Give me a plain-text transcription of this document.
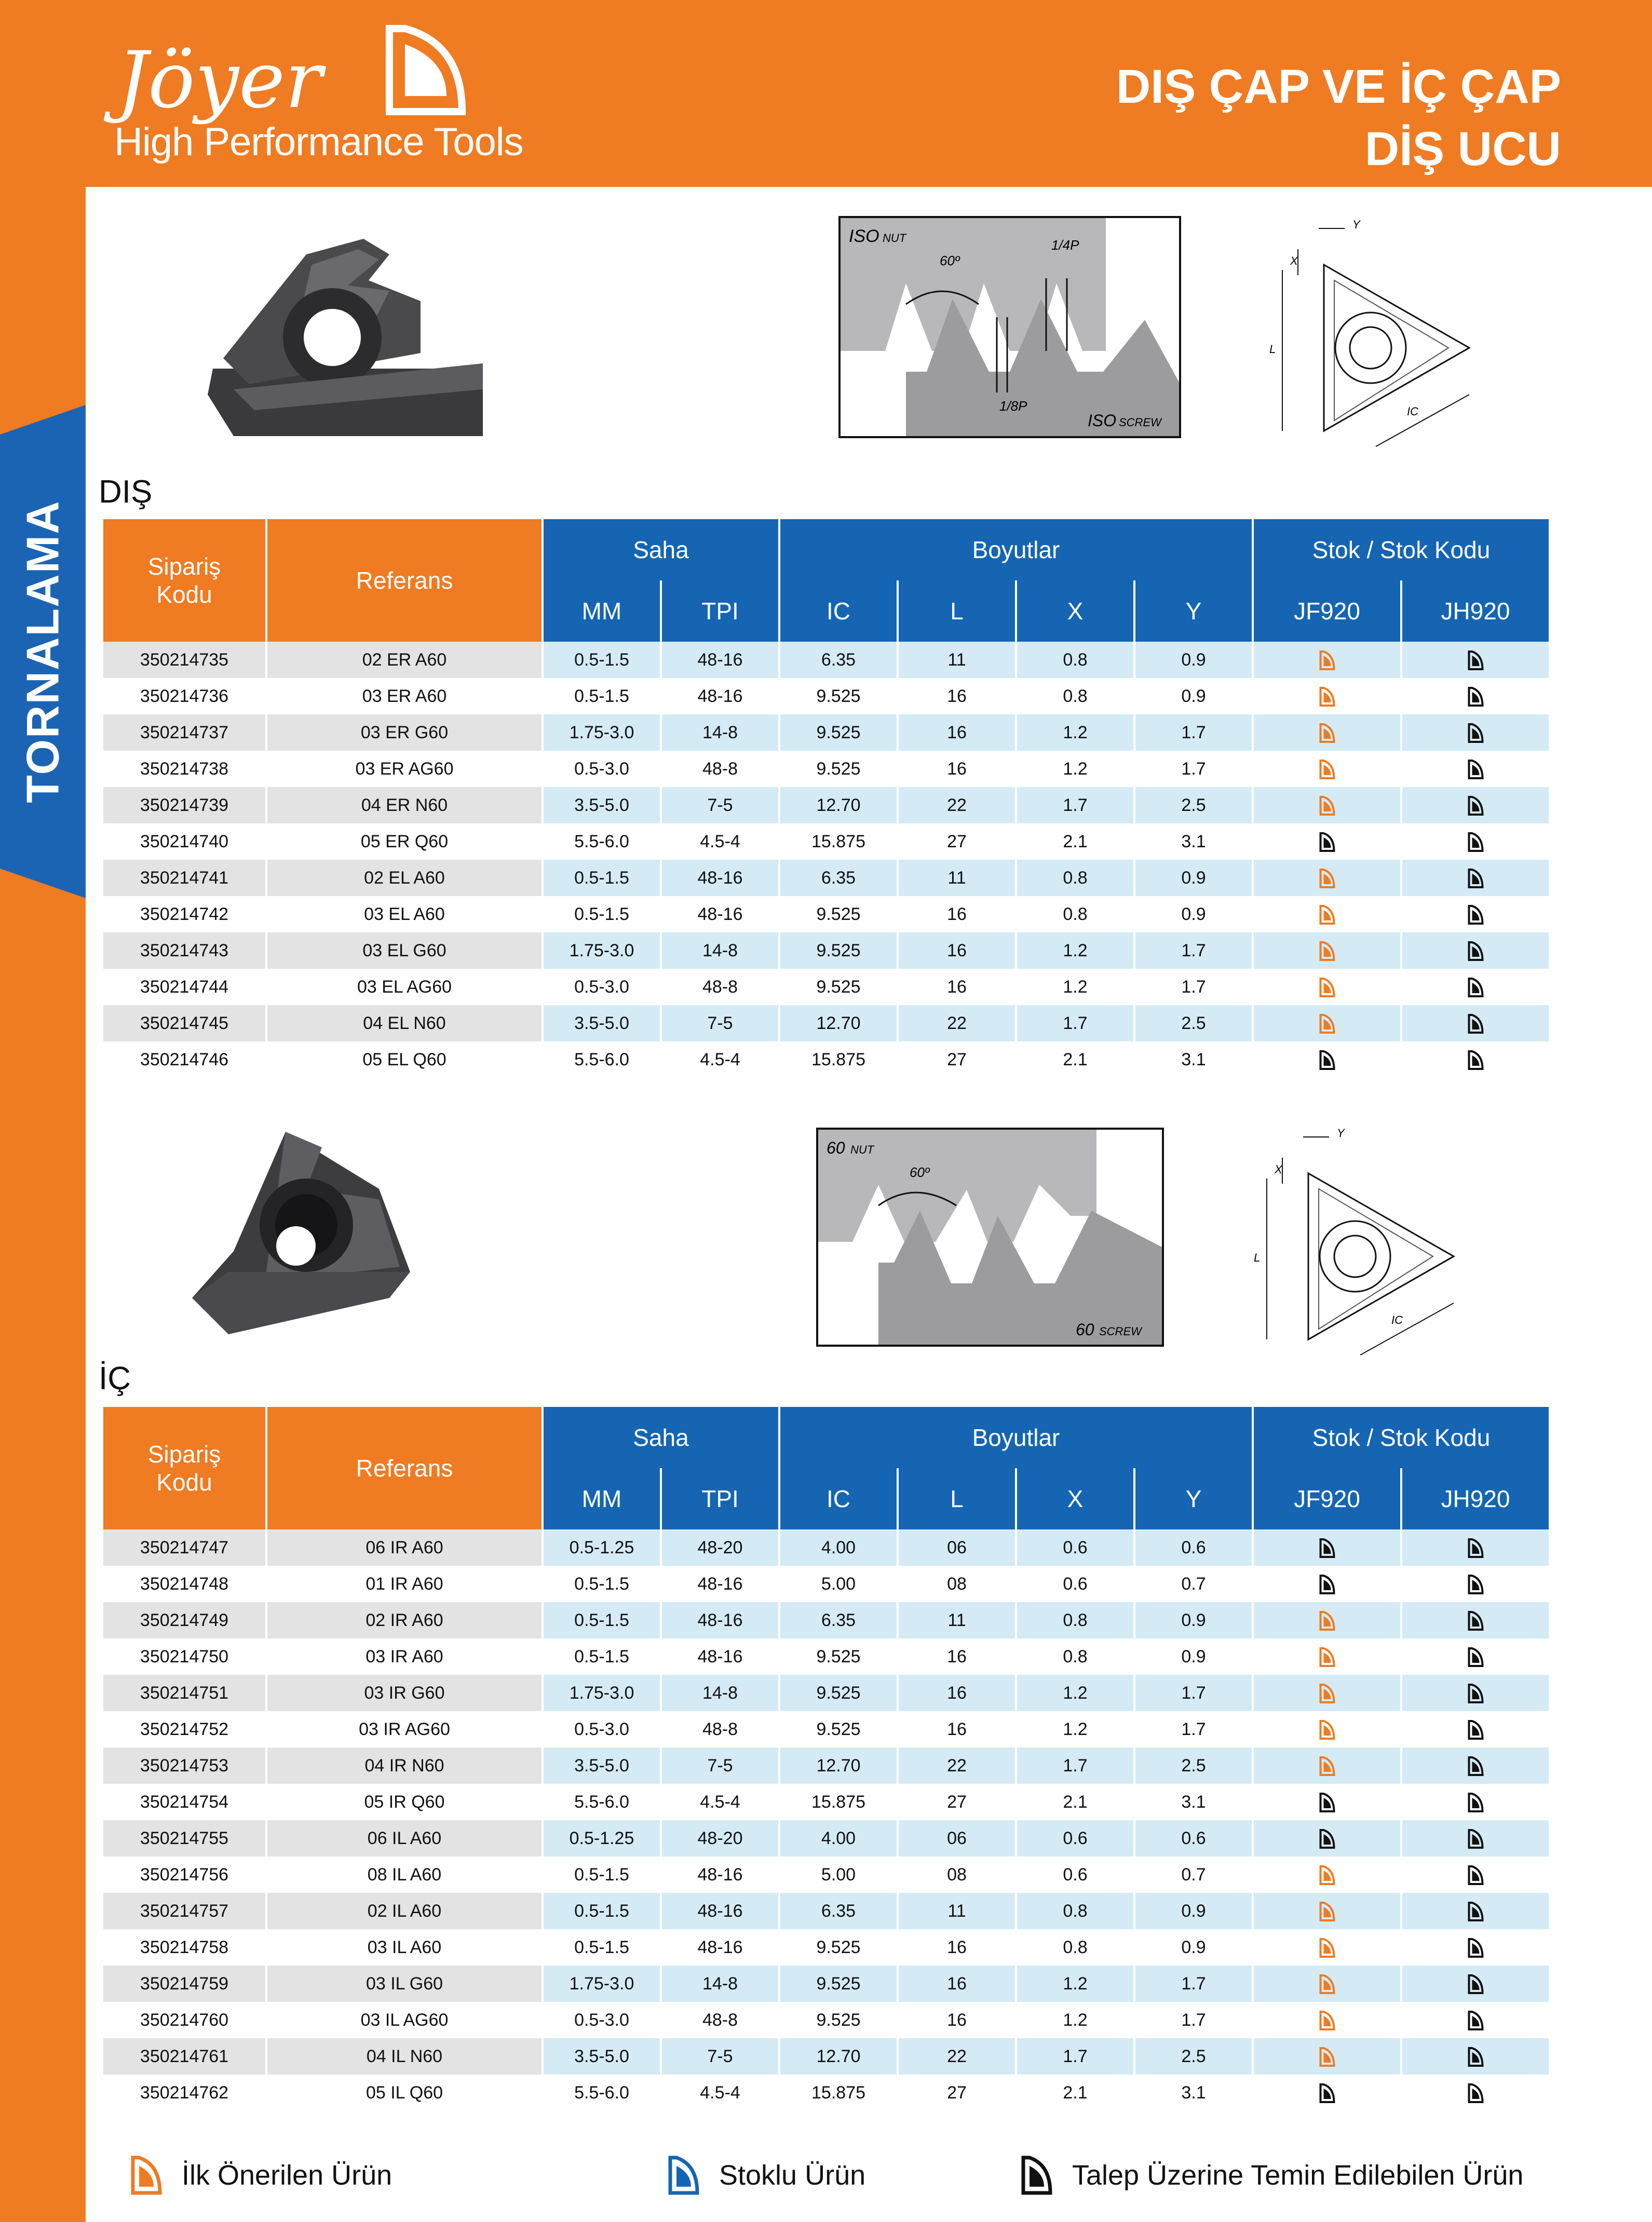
Jöyer
High Performance Tools
DIŞ ÇAP VE İÇ ÇAP
DİŞ UCU
TORNALAMA
ISO NUT
60º
1/4P
1/8P
ISO SCREW
X
Y
L
IC
DIŞ
Sipariş Kodu	Referans	Saha		Boyutlar				Stok / Stok Kodu	
		MM	TPI	IC	L	X	Y	JF920	JH920
350214735	02 ER A60	0.5-1.5	48-16	6.35	11	0.8	0.9		
350214736	03 ER A60	0.5-1.5	48-16	9.525	16	0.8	0.9		
350214737	03 ER G60	1.75-3.0	14-8	9.525	16	1.2	1.7		
350214738	03 ER AG60	0.5-3.0	48-8	9.525	16	1.2	1.7		
350214739	04 ER N60	3.5-5.0	7-5	12.70	22	1.7	2.5		
350214740	05 ER Q60	5.5-6.0	4.5-4	15.875	27	2.1	3.1		
350214741	02 EL A60	0.5-1.5	48-16	6.35	11	0.8	0.9		
350214742	03 EL A60	0.5-1.5	48-16	9.525	16	0.8	0.9		
350214743	03 EL G60	1.75-3.0	14-8	9.525	16	1.2	1.7		
350214744	03 EL AG60	0.5-3.0	48-8	9.525	16	1.2	1.7		
350214745	04 EL N60	3.5-5.0	7-5	12.70	22	1.7	2.5		
350214746	05 EL Q60	5.5-6.0	4.5-4	15.875	27	2.1	3.1		
60 NUT
60º
60 SCREW
X
Y
L
IC
İÇ
Sipariş Kodu	Referans	Saha		Boyutlar				Stok / Stok Kodu	
		MM	TPI	IC	L	X	Y	JF920	JH920
350214747	06 IR A60	0.5-1.25	48-20	4.00	06	0.6	0.6		
350214748	01 IR A60	0.5-1.5	48-16	5.00	08	0.6	0.7		
350214749	02 IR A60	0.5-1.5	48-16	6.35	11	0.8	0.9		
350214750	03 IR A60	0.5-1.5	48-16	9.525	16	0.8	0.9		
350214751	03 IR G60	1.75-3.0	14-8	9.525	16	1.2	1.7		
350214752	03 IR AG60	0.5-3.0	48-8	9.525	16	1.2	1.7		
350214753	04 IR N60	3.5-5.0	7-5	12.70	22	1.7	2.5		
350214754	05 IR Q60	5.5-6.0	4.5-4	15.875	27	2.1	3.1		
350214755	06 IL A60	0.5-1.25	48-20	4.00	06	0.6	0.6		
350214756	08 IL A60	0.5-1.5	48-16	5.00	08	0.6	0.7		
350214757	02 IL A60	0.5-1.5	48-16	6.35	11	0.8	0.9		
350214758	03 IL A60	0.5-1.5	48-16	9.525	16	0.8	0.9		
350214759	03 IL G60	1.75-3.0	14-8	9.525	16	1.2	1.7		
350214760	03 IL AG60	0.5-3.0	48-8	9.525	16	1.2	1.7		
350214761	04 IL N60	3.5-5.0	7-5	12.70	22	1.7	2.5		
350214762	05 IL Q60	5.5-6.0	4.5-4	15.875	27	2.1	3.1		
İlk Önerilen Ürün	Stoklu Ürün	Talep Üzerine Temin Edilebilen Ürün
